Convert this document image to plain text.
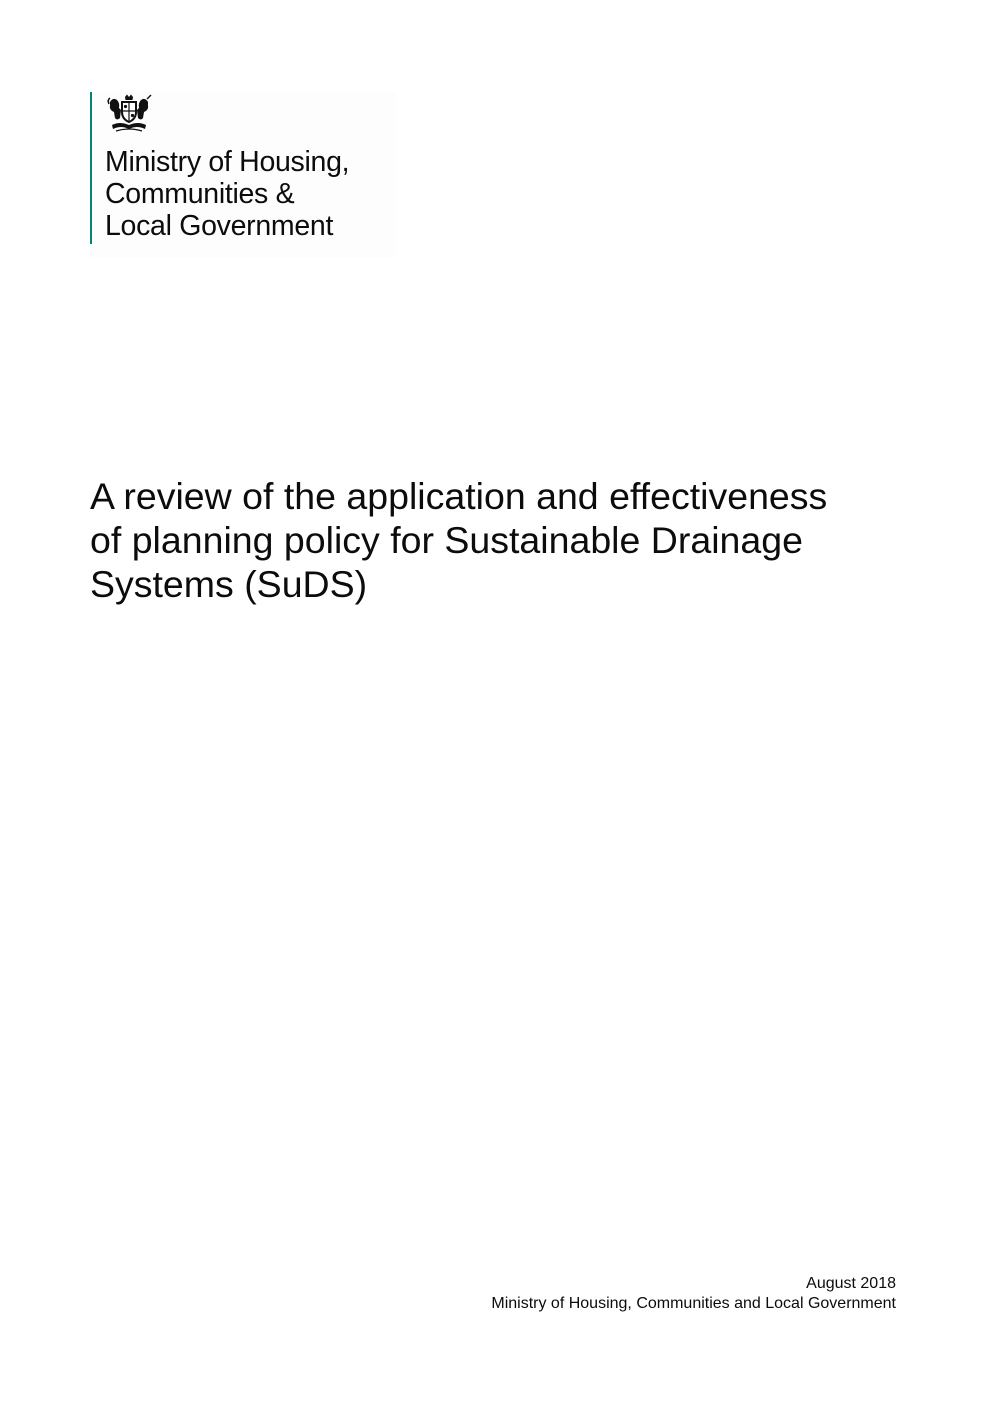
Ministry of Housing,
Communities &
Local Government
A review of the application and effectiveness
of planning policy for Sustainable Drainage
Systems (SuDS)
August 2018
Ministry of Housing, Communities and Local Government
